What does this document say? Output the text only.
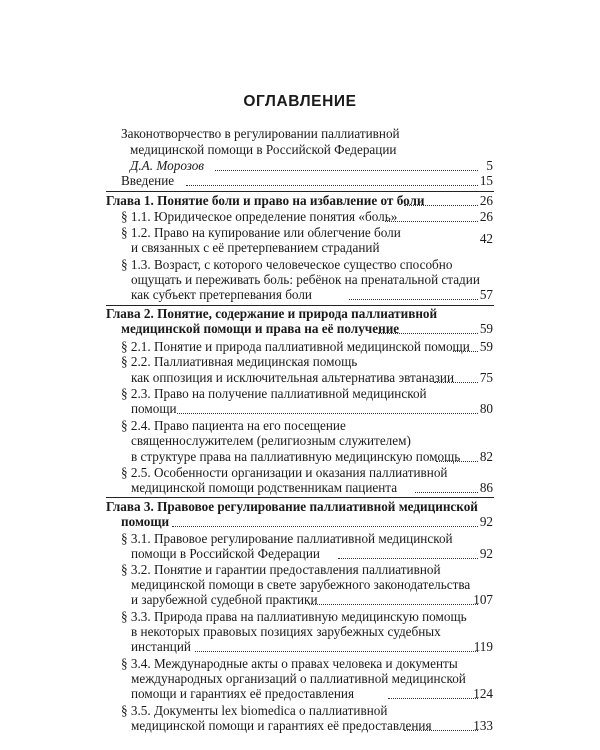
ОГЛАВЛЕНИЕ
Законотворчество в регулировании паллиативной
медицинской помощи в Российской Федерации
Д.А. Морозов	5
Введение	15
Глава 1. Понятие боли и право на избавление от боли	26
§ 1.1. Юридическое определение понятия «боль»	26
§ 1.2. Право на купирование или облегчение боли
и связанных с её претерпеванием страданий
42
§ 1.3. Возраст, с которого человеческое существо способно
ощущать и переживать боль: ребёнок на пренатальной стадии
как субъект претерпевания боли	57
Глава 2. Понятие, содержание и природа паллиативной
медицинской помощи и права на её получение	59
§ 2.1. Понятие и природа паллиативной медицинской помощи 59
§ 2.2. Паллиативная медицинская помощь
как оппозиция и исключительная альтернатива эвтаназии 75
§ 2.3. Право на получение паллиативной медицинской
помощи	80
§ 2.4. Право пациента на его посещение
священнослужителем (религиозным служителем)
в структуре права на паллиативную медицинскую помощь 82
§ 2.5. Особенности организации и оказания паллиативной
медицинской помощи родственникам пациента	86
Глава 3. Правовое регулирование паллиативной медицинской
помощи	92
§ 3.1. Правовое регулирование паллиативной медицинской
помощи в Российской Федерации	92
§ 3.2. Понятие и гарантии предоставления паллиативной
медицинской помощи в свете зарубежного законодательства
и зарубежной судебной практики	107
§ 3.3. Природа права на паллиативную медицинскую помощь
в некоторых правовых позициях зарубежных судебных
инстанций	119
§ 3.4. Международные акты о правах человека и документы
международных организаций о паллиативной медицинской
помощи и гарантиях её предоставления	124
§ 3.5. Документы lex biomedica о паллиативной
медицинской помощи и гарантиях её предоставления	133
